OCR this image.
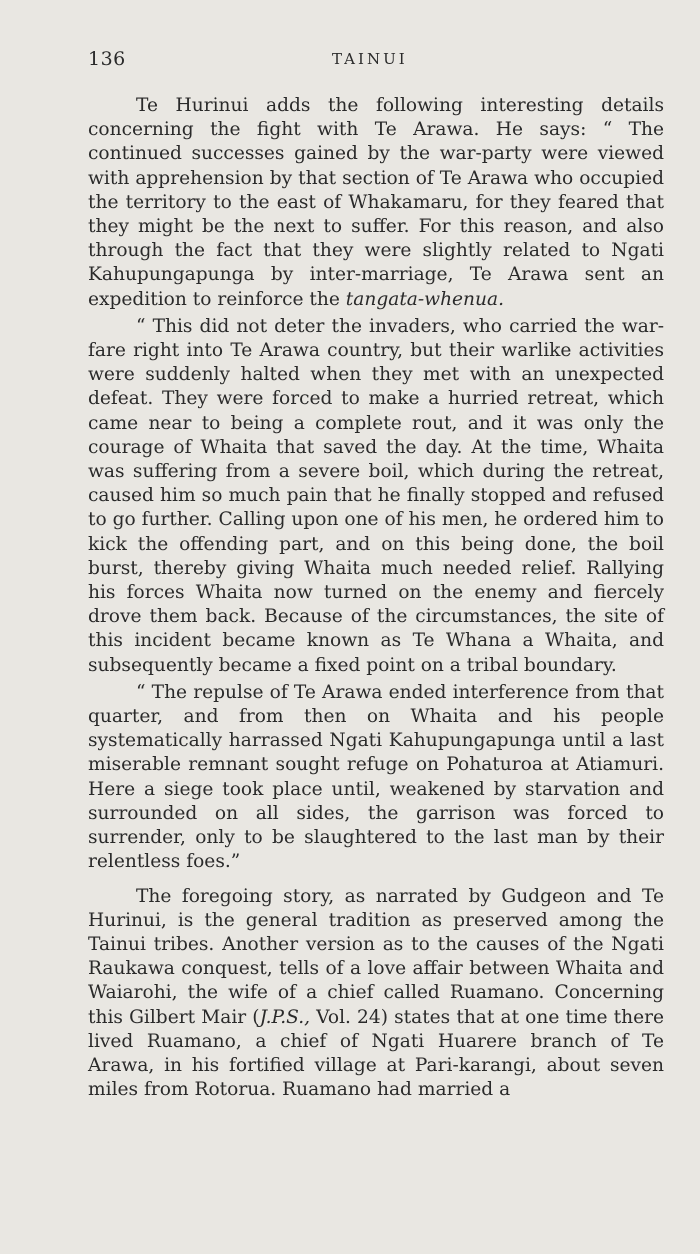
136	TAINUI

Te Hurinui adds the following interesting details concerning the fight with Te Arawa. He says: “ The continued successes gained by the war-party were viewed with apprehension by that section of Te Arawa who occupied the territory to the east of Whakamaru, for they feared that they might be the next to suffer. For this reason, and also through the fact that they were slightly related to Ngati Kahupungapunga by inter-marriage, Te Arawa sent an expedition to reinforce the tangata-whenua.

“ This did not deter the invaders, who carried the war-fare right into Te Arawa country, but their warlike activities were suddenly halted when they met with an unexpected defeat. They were forced to make a hurried retreat, which came near to being a complete rout, and it was only the courage of Whaita that saved the day. At the time, Whaita was suffering from a severe boil, which during the retreat, caused him so much pain that he finally stopped and refused to go further. Calling upon one of his men, he ordered him to kick the offending part, and on this being done, the boil burst, thereby giving Whaita much needed relief. Rallying his forces Whaita now turned on the enemy and fiercely drove them back. Because of the circumstances, the site of this incident became known as Te Whana a Whaita, and subsequently became a fixed point on a tribal boundary.

“ The repulse of Te Arawa ended interference from that quarter, and from then on Whaita and his people systematically harrassed Ngati Kahupungapunga until a last miserable remnant sought refuge on Pohaturoa at Atiamuri. Here a siege took place until, weakened by starvation and surrounded on all sides, the garrison was forced to surrender, only to be slaughtered to the last man by their relentless foes.”

The foregoing story, as narrated by Gudgeon and Te Hurinui, is the general tradition as preserved among the Tainui tribes. Another version as to the causes of the Ngati Raukawa conquest, tells of a love affair between Whaita and Waiarohi, the wife of a chief called Ruamano. Concerning this Gilbert Mair (J.P.S., Vol. 24) states that at one time there lived Ruamano, a chief of Ngati Huarere branch of Te Arawa, in his fortified village at Pari-karangi, about seven miles from Rotorua. Ruamano had married a
